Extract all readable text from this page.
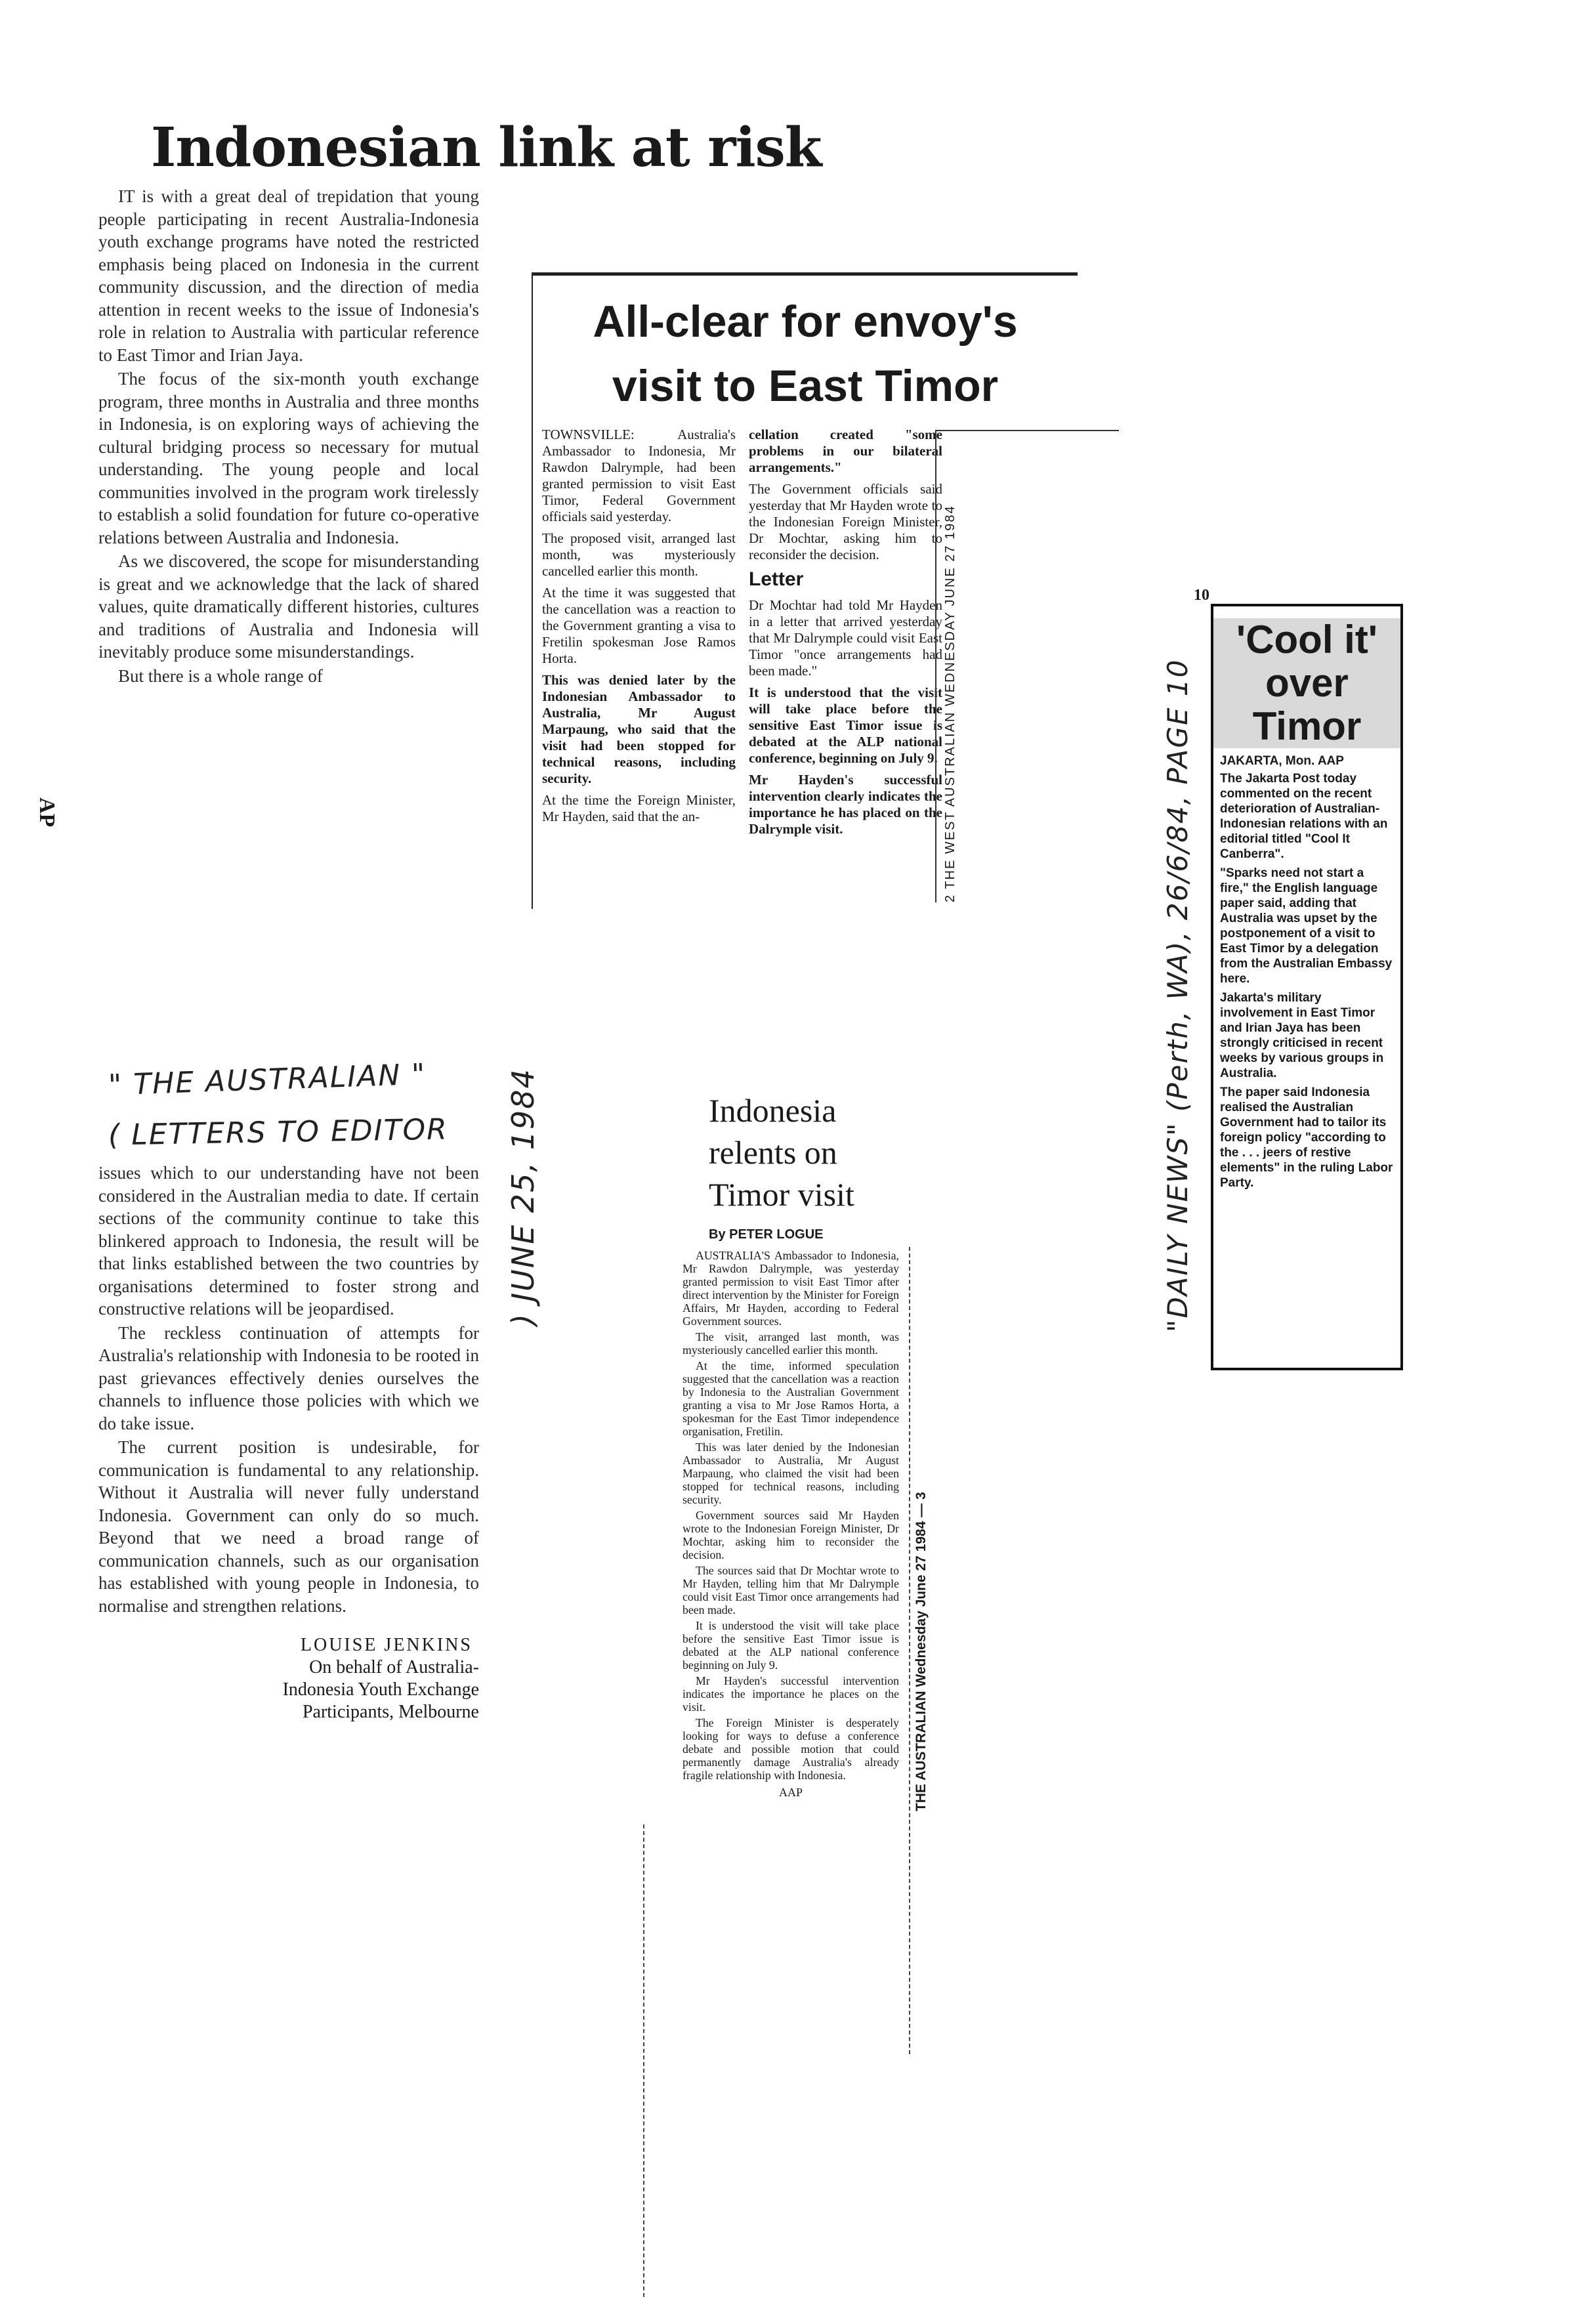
Indonesian link at risk

IT is with a great deal of trepidation that young people participating in recent Australia-Indonesia youth exchange programs have noted the restricted emphasis being placed on Indonesia in the current community discussion, and the direction of media attention in recent weeks to the issue of Indonesia's role in relation to Australia with particular reference to East Timor and Irian Jaya.

The focus of the six-month youth exchange program, three months in Australia and three months in Indonesia, is on exploring ways of achieving the cultural bridging process so necessary for mutual understanding. The young people and local communities involved in the program work tirelessly to establish a solid foundation for future co-operative relations between Australia and Indonesia.

As we discovered, the scope for misunderstanding is great and we acknowledge that the lack of shared values, quite dramatically different histories, cultures and traditions of Australia and Indonesia will inevitably produce some misunderstandings.

But there is a whole range of

AP
" THE AUSTRALIAN "
( LETTERS TO EDITOR ) JUNE 25, 1984

issues which to our understanding have not been considered in the Australian media to date. If certain sections of the community continue to take this blinkered approach to Indonesia, the result will be that links established between the two countries by organisations determined to foster strong and constructive relations will be jeopardised.

The reckless continuation of attempts for Australia's relationship with Indonesia to be rooted in past grievances effectively denies ourselves the channels to influence those policies with which we do take issue.

The current position is undesirable, for communication is fundamental to any relationship. Without it Australia will never fully understand Indonesia. Government can only do so much. Beyond that we need a broad range of communication channels, such as our organisation has established with young people in Indonesia, to normalise and strengthen relations.

LOUISE JENKINS
On behalf of Australia-
Indonesia Youth Exchange
Participants, Melbourne
All-clear for envoy's
visit to East Timor

TOWNSVILLE: Australia's Ambassador to Indonesia, Mr Rawdon Dalrymple, had been granted permission to visit East Timor, Federal Government officials said yesterday.

The proposed visit, arranged last month, was mysteriously cancelled earlier this month.

At the time it was suggested that the cancellation was a reaction to the Government granting a visa to Fretilin spokesman Jose Ramos Horta.

This was denied later by the Indonesian Ambassador to Australia, Mr August Marpaung, who said that the visit had been stopped for technical reasons, including security.

At the time the Foreign Minister, Mr Hayden, said that the an-

cellation created "some problems in our bilateral arrangements."

The Government officials said yesterday that Mr Hayden wrote to the Indonesian Foreign Minister, Dr Mochtar, asking him to reconsider the decision.

Letter

Dr Mochtar had told Mr Hayden in a letter that arrived yesterday that Mr Dalrymple could visit East Timor "once arrangements had been made."

It is understood that the visit will take place before the sensitive East Timor issue is debated at the ALP national conference, beginning on July 9.

Mr Hayden's successful intervention clearly indicates the importance he has placed on the Dalrymple visit.	2 THE WEST AUSTRALIAN WEDNESDAY JUNE 27 1984
Indonesia
relents on
Timor visit
By PETER LOGUE

AUSTRALIA'S Ambassador to Indonesia, Mr Rawdon Dalrymple, was yesterday granted permission to visit East Timor after direct intervention by the Minister for Foreign Affairs, Mr Hayden, according to Federal Government sources.

The visit, arranged last month, was mysteriously cancelled earlier this month.

At the time, informed speculation suggested that the cancellation was a reaction by Indonesia to the Australian Government granting a visa to Mr Jose Ramos Horta, a spokesman for the East Timor independence organisation, Fretilin.

This was later denied by the Indonesian Ambassador to Australia, Mr August Marpaung, who claimed the visit had been stopped for technical reasons, including security.

Government sources said Mr Hayden wrote to the Indonesian Foreign Minister, Dr Mochtar, asking him to reconsider the decision.

The sources said that Dr Mochtar wrote to Mr Hayden, telling him that Mr Dalrymple could visit East Timor once arrangements had been made.

It is understood the visit will take place before the sensitive East Timor issue is debated at the ALP national conference beginning on July 9.

Mr Hayden's successful intervention indicates the importance he places on the visit.

The Foreign Minister is desperately looking for ways to defuse a conference debate and possible motion that could permanently damage Australia's already fragile relationship with Indonesia.

AAP	THE AUSTRALIAN Wednesday June 27 1984 — 3
10
'Cool it'
over
Timor
JAKARTA, Mon. AAP

The Jakarta Post today commented on the recent deterioration of Australian-Indonesian relations with an editorial titled "Cool It Canberra".

"Sparks need not start a fire," the English language paper said, adding that Australia was upset by the postponement of a visit to East Timor by a delegation from the Australian Embassy here.

Jakarta's military involvement in East Timor and Irian Jaya has been strongly criticised in recent weeks by various groups in Australia.

The paper said Indonesia realised the Australian Government had to tailor its foreign policy "according to the . . . jeers of restive elements" in the ruling Labor Party.

"DAILY NEWS" (Perth, WA), 26/6/84, PAGE 10
